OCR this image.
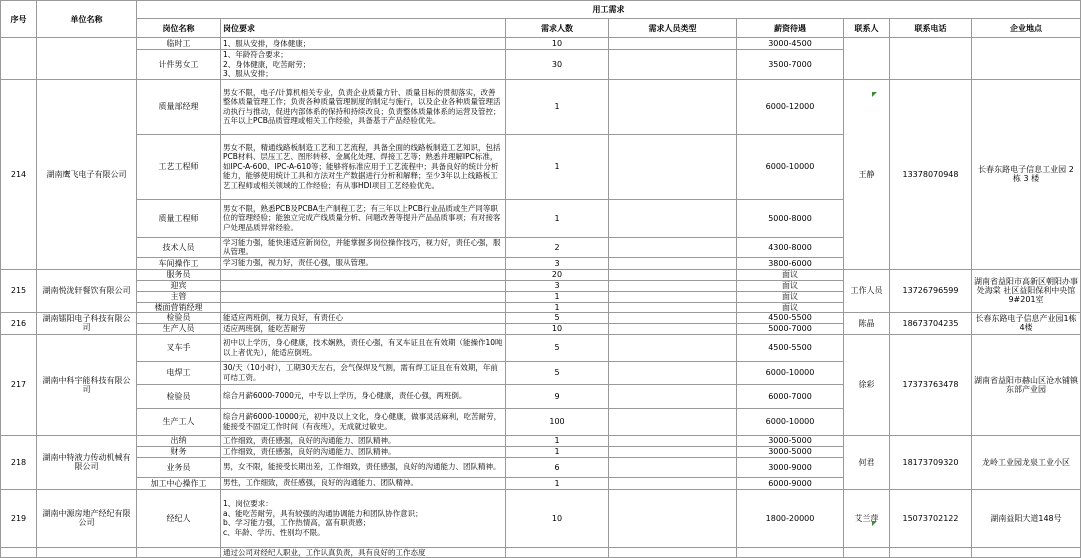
序号	单位名称	用工需求							
		岗位名称	岗位要求	需求人数	需求人员类型	薪资待遇	联系人	联系电话	企业地点
		临时工	1、服从安排，身体健康；	10		3000-4500			
		计件男女工	1、年龄符合要求；
2、身体健康，吃苦耐劳；
3、服从安排；	30		3500-7000			
214	湖南鹰飞电子有限公司	质量部经理	男女不限，电子/计算机相关专业，负责企业质量方针、质量目标的贯彻落实，改善整体质量管理工作；负责各种质量管理制度的制定与施行，以及企业各种质量管理活动执行与推动，促进内部体系的保持和持续改良；负责整体质量体系的运营及管控；五年以上PCB品质管理或相关工作经验，具备基于产品经验优先。	1		6000-12000	王静	13378070948	长春东路电子信息工业园 2 栋 3 楼
		工艺工程师	男女不限，精通线路板制造工艺和工艺流程，具备全面的线路板制造工艺知识，包括PCB材料、层压工艺、图形转移、金属化处理、焊接工艺等；熟悉并理解IPC标准，如IPC-A-600、IPC-A-610等；能够将标准应用于工艺流程中；具备良好的统计分析能力，能够使用统计工具和方法对生产数据进行分析和解释；至少3年以上线路板工艺工程师或相关领域的工作经验；有从事HDI项目工艺经验优先。	1		6000-10000			
		质量工程师	男女不限，熟悉PCB及PCBA生产制程工艺；有三年以上PCB行业品质或生产同等职位的管理经验；能独立完成产线质量分析、问题改善等提升产品品质事项；有对接客户处理品质异常经验。	1		5000-8000			
		技术人员	学习能力强，能快速适应新岗位，并能掌握多岗位操作技巧，视力好，责任心强，服从管理。	2		4300-8000			
		车间操作工	学习能力强，视力好，责任心强，服从管理。	3		3800-6000			
215	湖南悦泷轩餐饮有限公司	服务员		20		面议	工作人员	13726796599	湖南省益阳市高新区朝阳办事处海棠 社区益阳保利中央馆9#201室
		迎宾		3		面议			
		主管		1		面议			
		楼面营销经理		1		面议			
216	湖南镭阳电子科技有限公司	检验员	能适应两班倒，视力良好，有责任心	5		4500-5500	陈晶	18673704235	长春东路电子信息产业园1栋4楼
		生产人员	适应两班倒，能吃苦耐劳	10		5000-7000			
217	湖南中科宇能科技有限公司	叉车手	初中以上学历，身心健康，技术娴熟，责任心强，有叉车证且在有效期（能操作10吨以上者优先），能适应倒班。	5		4500-5500	徐彩	17373763478	湖南省益阳市赫山区沧水铺镇东部产业园
		电焊工	30/天（10小时），工期30天左右，会气保焊及气割，需有焊工证且在有效期，年前可结工资。	5		6000-10000			
		检验员	综合月薪6000-7000元，中专以上学历，身心健康，责任心强，两班倒。	9		6000-7000			
		生产工人	综合月薪6000-10000元，初中及以上文化，身心健康，做事灵活麻利，吃苦耐劳，能接受不固定工作时间（有夜班），无成就过敏史。	100		6000-10000			
218	湖南中特液力传动机械有限公司	出纳	工作细致，责任感强，良好的沟通能力、团队精神。	1		3000-5000	何君	18173709320	龙岭工业园龙泉工业小区
		财务	工作细致，责任感强，良好的沟通能力、团队精神。	1		3000-5000			
		业务员	男，女不限，能接受长期出差，工作细致，责任感强，良好的沟通能力、团队精神。	6		3000-9000			
		加工中心操作工	男性，工作细致，责任感强，良好的沟通能力、团队精神。	1		6000-9000			
219	湖南中源房地产经纪有限公司	经纪人	1、岗位要求：
a、能吃苦耐劳，具有较强的沟通协调能力和团队协作意识；
b、学习能力强，工作热情高，富有职责感；
c、年龄、学历、性别均不限。	10		1800-20000	艾兰萍	15073702122	湖南益阳大道148号
			通过公司对经纪人职业，工作认真负责，具有良好的工作态度						
